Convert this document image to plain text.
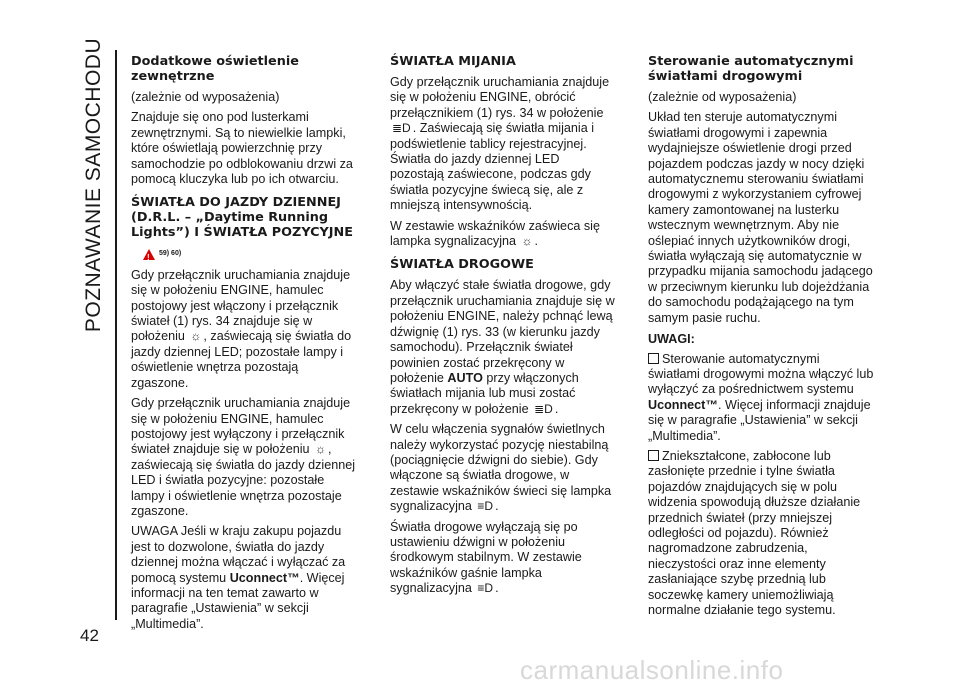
POZNAWANIE SAMOCHODU
42
Dodatkowe oświetlenie zewnętrzne
(zależnie od wyposażenia)
Znajduje się ono pod lusterkami zewnętrznymi. Są to niewielkie lampki, które oświetlają powierzchnię przy samochodzie po odblokowaniu drzwi za pomocą kluczyka lub po ich otwarciu.
ŚWIATŁA DO JAZDY DZIENNEJ (D.R.L. – „Daytime Running Lights”) I ŚWIATŁA POZYCYJNE
!
59) 60)
Gdy przełącznik uruchamiania znajduje się w położeniu ENGINE, hamulec postojowy jest włączony i przełącznik świateł (1) rys. 34 znajduje się w położeniu ☼ , zaświecają się światła do jazdy dziennej LED; pozostałe lampy i oświetlenie wnętrza pozostają zgaszone.
Gdy przełącznik uruchamiania znajduje się w położeniu ENGINE, hamulec postojowy jest wyłączony i przełącznik świateł znajduje się w położeniu ☼ , zaświecają się światła do jazdy dziennej LED i światła pozycyjne: pozostałe lampy i oświetlenie wnętrza pozostaje zgaszone.
UWAGA Jeśli w kraju zakupu pojazdu jest to dozwolone, światła do jazdy dziennej można włączać i wyłączać za pomocą systemu Uconnect™. Więcej informacji na ten temat zawarto w paragrafie „Ustawienia” w sekcji „Multimedia”.
ŚWIATŁA MIJANIA
Gdy przełącznik uruchamiania znajduje się w położeniu ENGINE, obrócić przełącznikiem (1) rys. 34 w położenie ≣D . Zaświecają się światła mijania i podświetlenie tablicy rejestracyjnej. Światła do jazdy dziennej LED pozostają zaświecone, podczas gdy światła pozycyjne świecą się, ale z mniejszą intensywnością.
W zestawie wskaźników zaświeca się lampka sygnalizacyjna ☼ .
ŚWIATŁA DROGOWE
Aby włączyć stałe światła drogowe, gdy przełącznik uruchamiania znajduje się w położeniu ENGINE, należy pchnąć lewą dźwignię (1) rys. 33 (w kierunku jazdy samochodu). Przełącznik świateł powinien zostać przekręcony w położenie AUTO przy włączonych światłach mijania lub musi zostać przekręcony w położenie ≣D .
W celu włączenia sygnałów świetlnych należy wykorzystać pozycję niestabilną (pociągnięcie dźwigni do siebie). Gdy włączone są światła drogowe, w zestawie wskaźników świeci się lampka sygnalizacyjna ≡D .
Światła drogowe wyłączają się po ustawieniu dźwigni w położeniu środkowym stabilnym. W zestawie wskaźników gaśnie lampka sygnalizacyjna ≡D .
Sterowanie automatycznymi światłami drogowymi
(zależnie od wyposażenia)
Układ ten steruje automatycznymi światłami drogowymi i zapewnia wydajniejsze oświetlenie drogi przed pojazdem podczas jazdy w nocy dzięki automatycznemu sterowaniu światłami drogowymi z wykorzystaniem cyfrowej kamery zamontowanej na lusterku wstecznym wewnętrznym. Aby nie oślepiać innych użytkowników drogi, światła wyłączają się automatycznie w przypadku mijania samochodu jadącego w przeciwnym kierunku lub dojeżdżania do samochodu podążającego na tym samym pasie ruchu.
UWAGI:
Sterowanie automatycznymi światłami drogowymi można włączyć lub wyłączyć za pośrednictwem systemu Uconnect™. Więcej informacji znajduje się w paragrafie „Ustawienia” w sekcji „Multimedia”.
Zniekształcone, zabłocone lub zasłonięte przednie i tylne światła pojazdów znajdujących się w polu widzenia spowodują dłuższe działanie przednich świateł (przy mniejszej odległości od pojazdu). Również nagromadzone zabrudzenia, nieczystości oraz inne elementy zasłaniające szybę przednią lub soczewkę kamery uniemożliwiają normalne działanie tego systemu.
carmanualsonline.info
